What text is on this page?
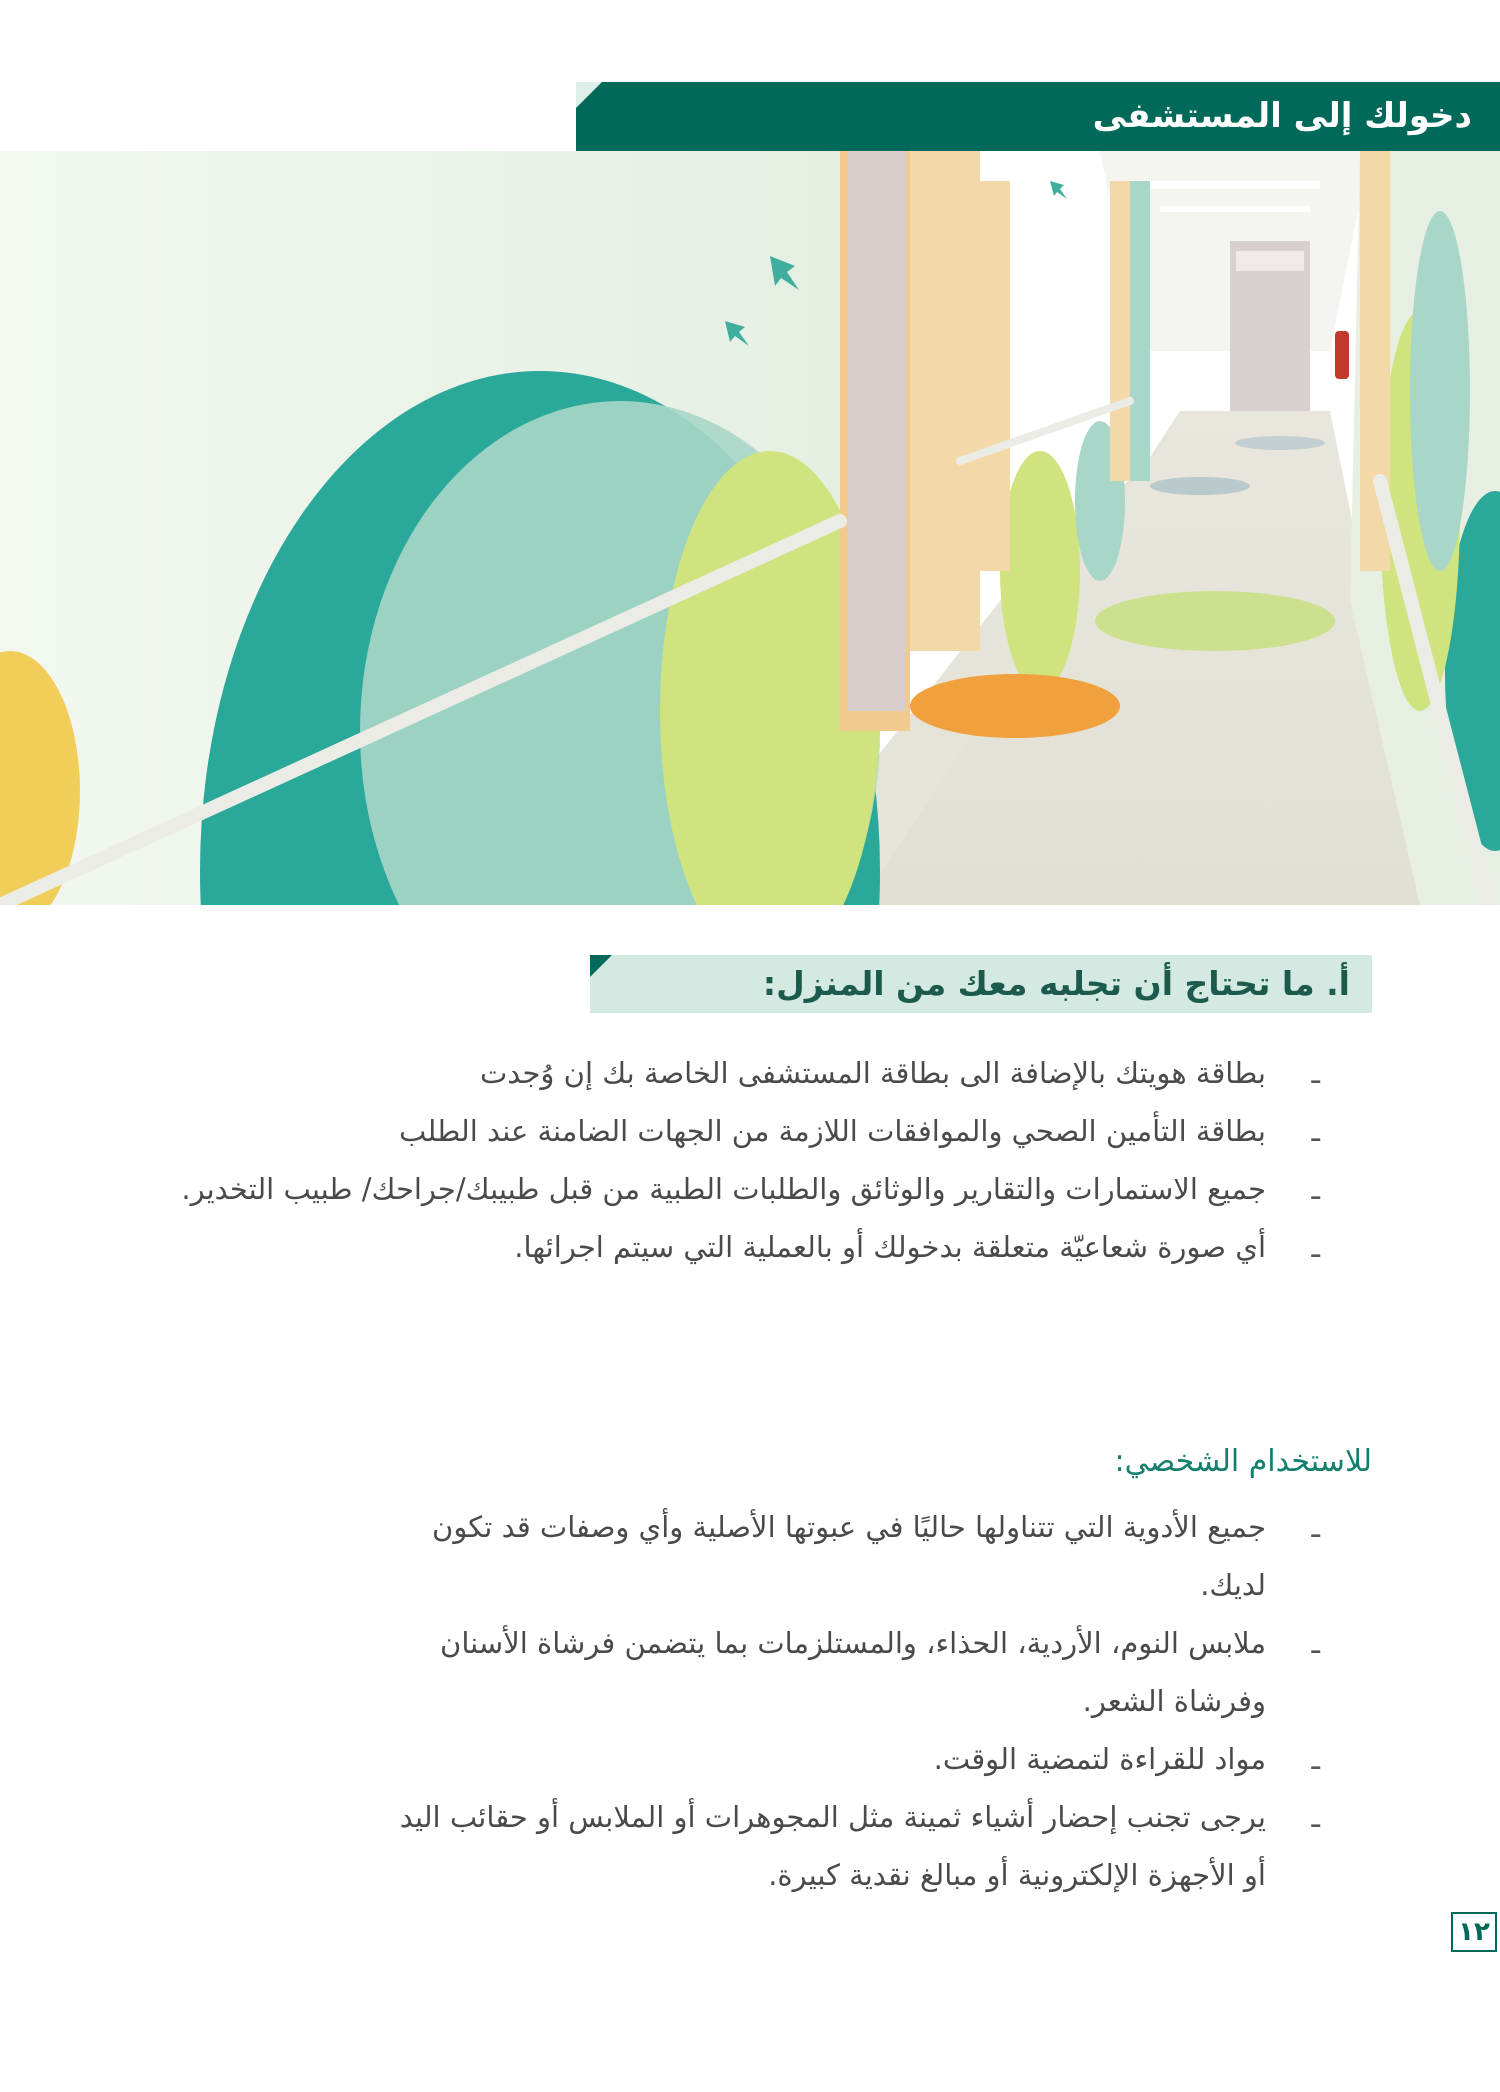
دخولك إلى المستشفى
أ. ما تحتاج أن تجلبه معك من المنزل:
ـ
بطاقة هويتك بالإضافة الى بطاقة المستشفى الخاصة بك إن وُجدت
ـ
بطاقة التأمين الصحي والموافقات اللازمة من الجهات الضامنة عند الطلب
ـ
جميع الاستمارات والتقارير والوثائق والطلبات الطبية من قبل طبيبك/جراحك/ طبيب التخدير.
ـ
أي صورة شعاعيّة متعلقة بدخولك أو بالعملية التي سيتم اجرائها.
للاستخدام الشخصي:
ـ
جميع الأدوية التي تتناولها حاليًا في عبوتها الأصلية وأي وصفات قد تكون لديك.
ـ
ملابس النوم، الأردية، الحذاء، والمستلزمات بما يتضمن فرشاة الأسنان وفرشاة الشعر.
ـ
مواد للقراءة لتمضية الوقت.
ـ
يرجى تجنب إحضار أشياء ثمينة مثل المجوهرات أو الملابس أو حقائب اليد أو الأجهزة الإلكترونية أو مبالغ نقدية كبيرة.
١٢
